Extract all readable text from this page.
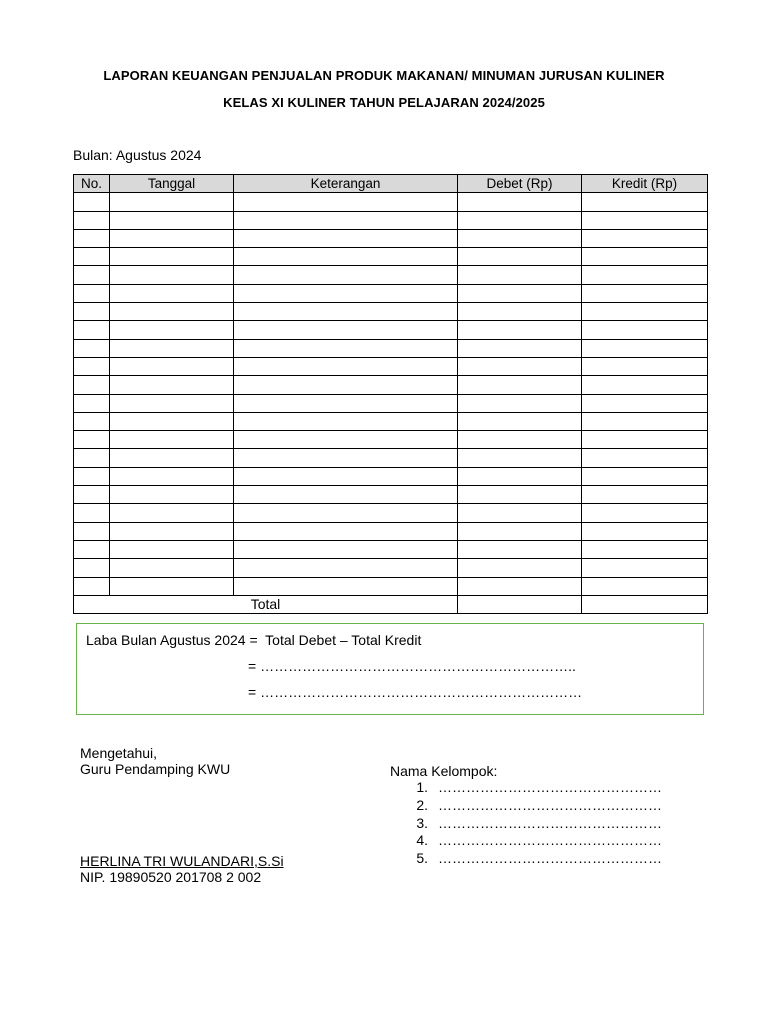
LAPORAN KEUANGAN PENJUALAN PRODUK MAKANAN/ MINUMAN JURUSAN KULINER
KELAS XI KULINER TAHUN PELAJARAN 2024/2025
Bulan: Agustus 2024
No.	Tanggal	Keterangan	Debet (Rp)	Kredit (Rp)

Total				
Laba Bulan Agustus 2024 =  Total Debet – Total Kredit
= …………………………………………………………..
= ……………………………………………………………
Mengetahui,
Guru Pendamping KWU
HERLINA TRI WULANDARI,S.Si
NIP. 19890520 201708 2 002
Nama Kelompok:
1. …………………………………………
2. …………………………………………
3. …………………………………………
4. …………………………………………
5. …………………………………………
